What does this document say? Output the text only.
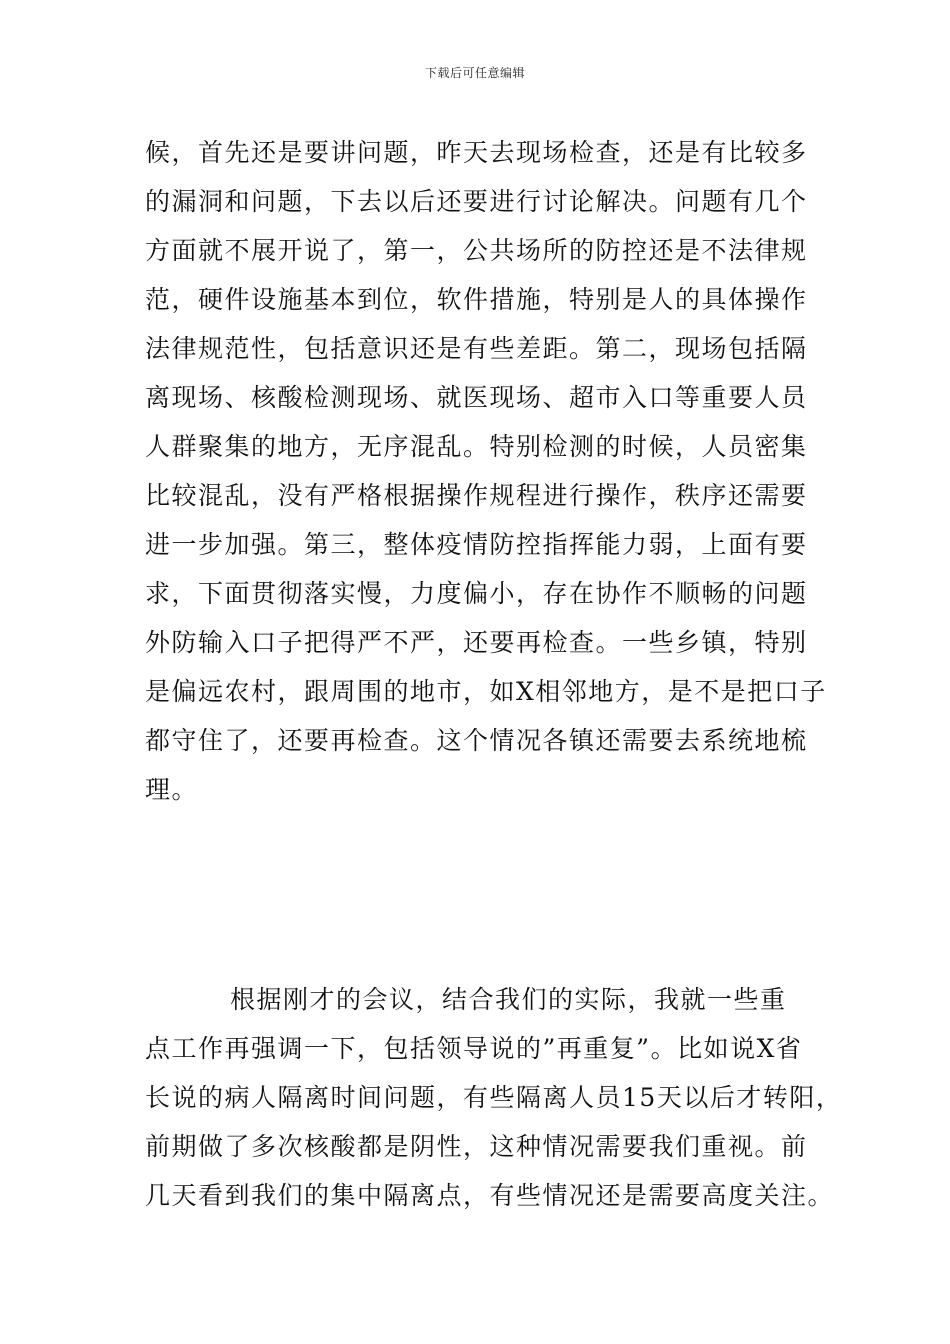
下载后可任意编辑
候，首先还是要讲问题，昨天去现场检查，还是有比较多
的漏洞和问题，下去以后还要进行讨论解决。问题有几个
方面就不展开说了，第一，公共场所的防控还是不法律规
范，硬件设施基本到位，软件措施，特别是人的具体操作
法律规范性，包括意识还是有些差距。第二，现场包括隔
离现场、核酸检测现场、就医现场、超市入口等重要人员
人群聚集的地方，无序混乱。特别检测的时候，人员密集
比较混乱，没有严格根据操作规程进行操作，秩序还需要
进一步加强。第三，整体疫情防控指挥能力弱，上面有要
求，下面贯彻落实慢，力度偏小，存在协作不顺畅的问题
外防输入口子把得严不严，还要再检查。一些乡镇，特别
是偏远农村，跟周围的地市，如X相邻地方，是不是把口子
都守住了，还要再检查。这个情况各镇还需要去系统地梳
理。
根据刚才的会议，结合我们的实际，我就一些重
点工作再强调一下，包括领导说的”再重复”。比如说X省
长说的病人隔离时间问题，有些隔离人员15天以后才转阳，
前期做了多次核酸都是阴性，这种情况需要我们重视。前
几天看到我们的集中隔离点，有些情况还是需要高度关注。
